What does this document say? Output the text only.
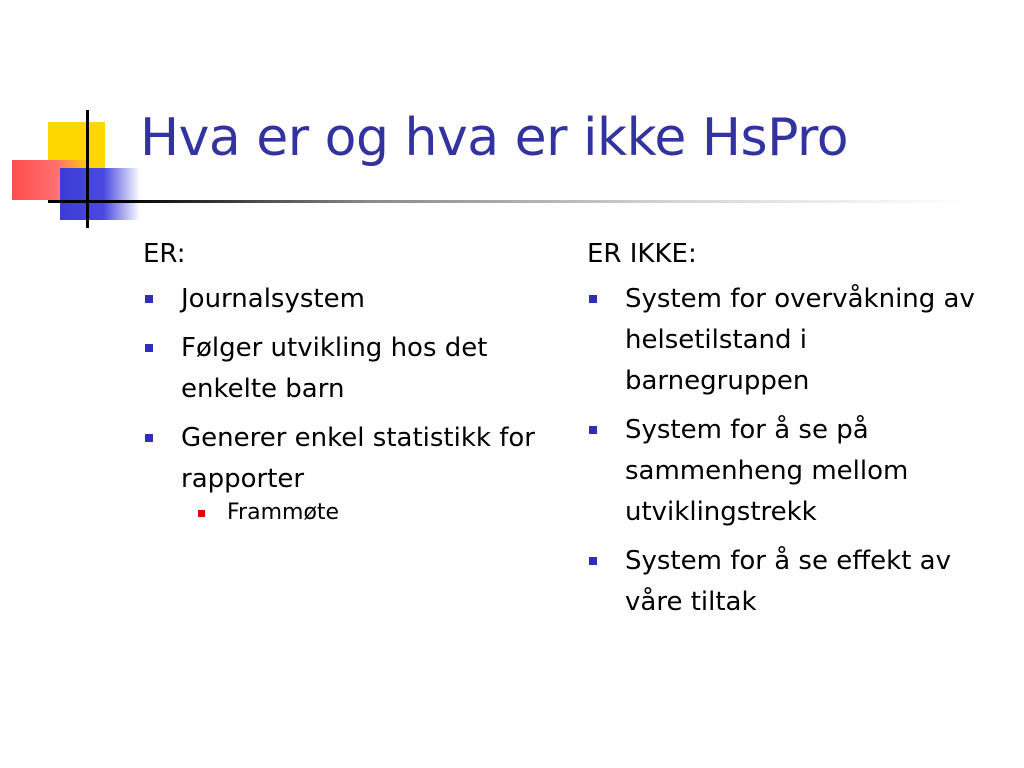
Hva er og hva er ikke HsPro

ER:

Journalsystem
Følger utvikling hos det enkelte barn
Generer enkel statistikk for rapporter
Frammøte

ER IKKE:

System for overvåkning av helsetilstand i barnegruppen
System for å se på sammenheng mellom utviklingstrekk
System for å se effekt av våre tiltak
